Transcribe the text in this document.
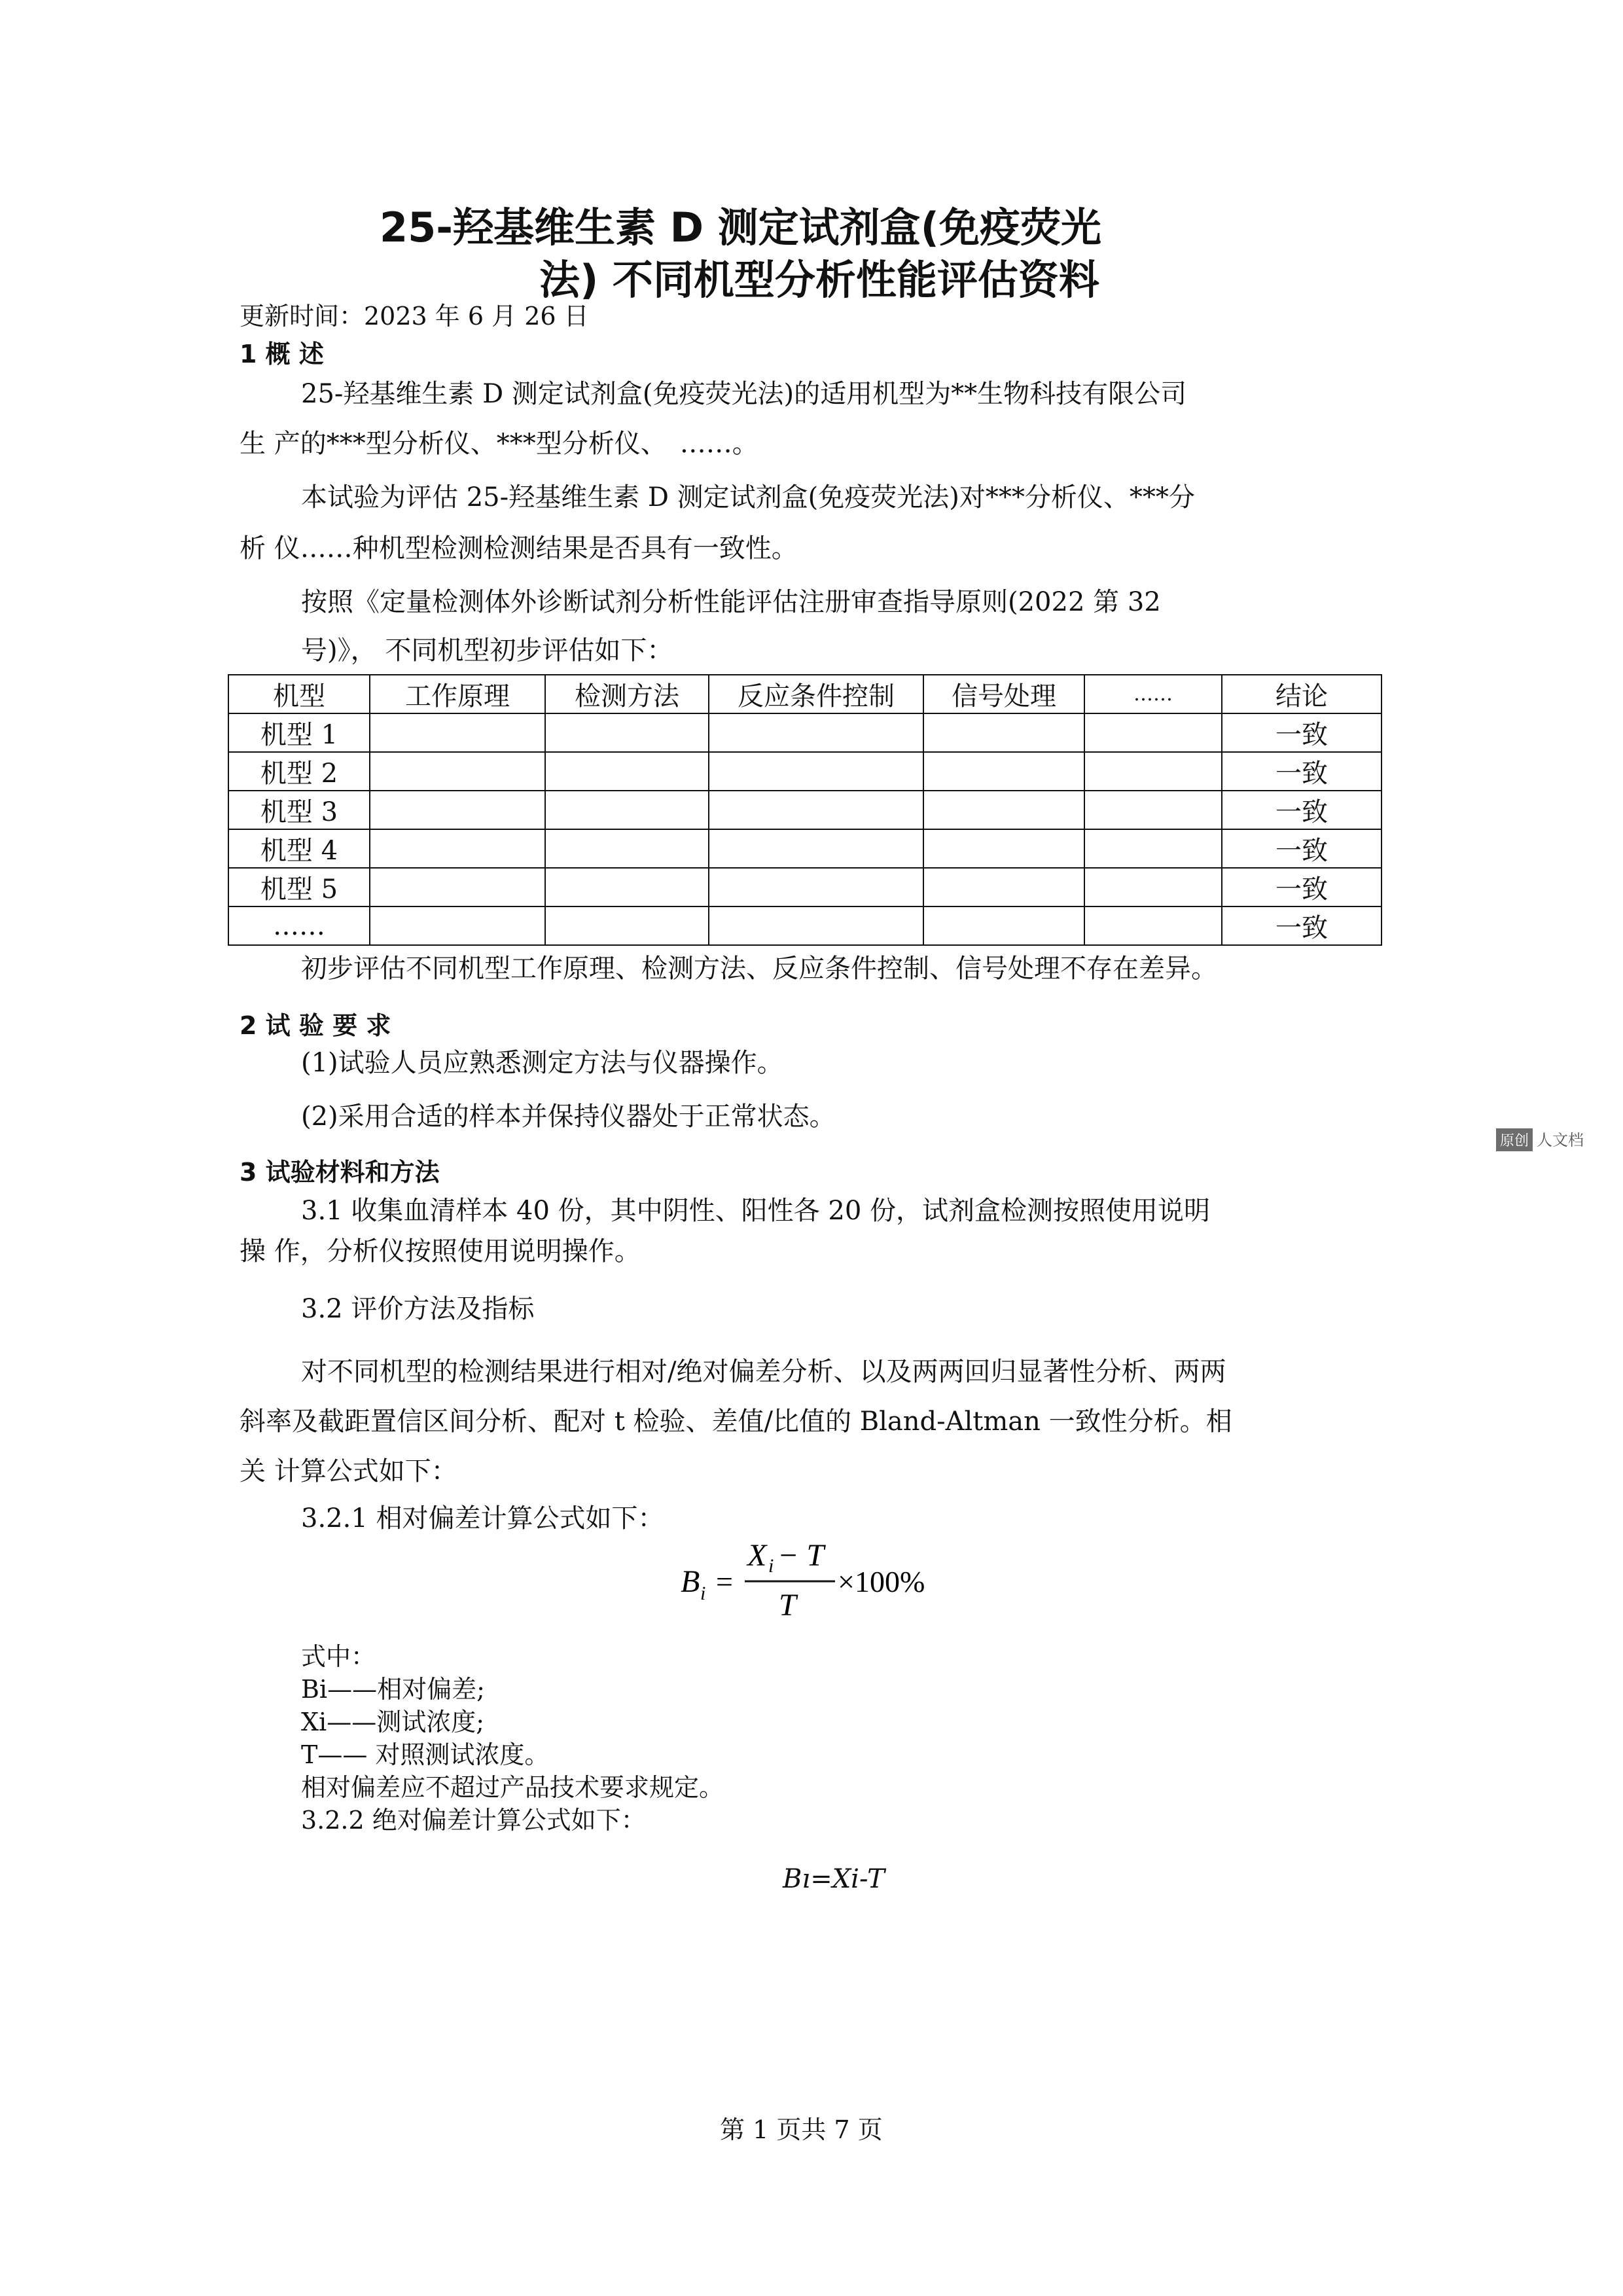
25-羟基维生素 D 测定试剂盒(免疫荧光
法) 不同机型分析性能评估资料
更新时间：2023 年 6 月 26 日
1 概 述
25-羟基维生素 D 测定试剂盒(免疫荧光法)的适用机型为**生物科技有限公司
生 产的***型分析仪、***型分析仪、　……。
本试验为评估 25-羟基维生素 D 测定试剂盒(免疫荧光法)对***分析仪、***分
析 仪……种机型检测检测结果是否具有一致性。
按照《定量检测体外诊断试剂分析性能评估注册审查指导原则(2022 第 32
号)》， 不同机型初步评估如下：
机型	工作原理	检测方法	反应条件控制	信号处理	……	结论
机型 1						一致
机型 2						一致
机型 3						一致
机型 4						一致
机型 5						一致
……						一致
初步评估不同机型工作原理、检测方法、反应条件控制、信号处理不存在差异。
2 试 验 要 求
(1)试验人员应熟悉测定方法与仪器操作。
(2)采用合适的样本并保持仪器处于正常状态。
3 试验材料和方法
3.1 收集血清样本 40 份，其中阴性、阳性各 20 份，试剂盒检测按照使用说明
操 作，分析仪按照使用说明操作。
3.2 评价方法及指标
对不同机型的检测结果进行相对/绝对偏差分析、以及两两回归显著性分析、两两
斜率及截距置信区间分析、配对 t 检验、差值/比值的 Bland-Altman 一致性分析。相
关 计算公式如下：
3.2.1 相对偏差计算公式如下：
B i =
X i − T
T
×100%
式中：
Bi——相对偏差;
Xi——测试浓度;
T—— 对照测试浓度。
相对偏差应不超过产品技术要求规定。
3.2.2 绝对偏差计算公式如下：
Bı=Xi-T
原创 人文档
第 1 页共 7 页
